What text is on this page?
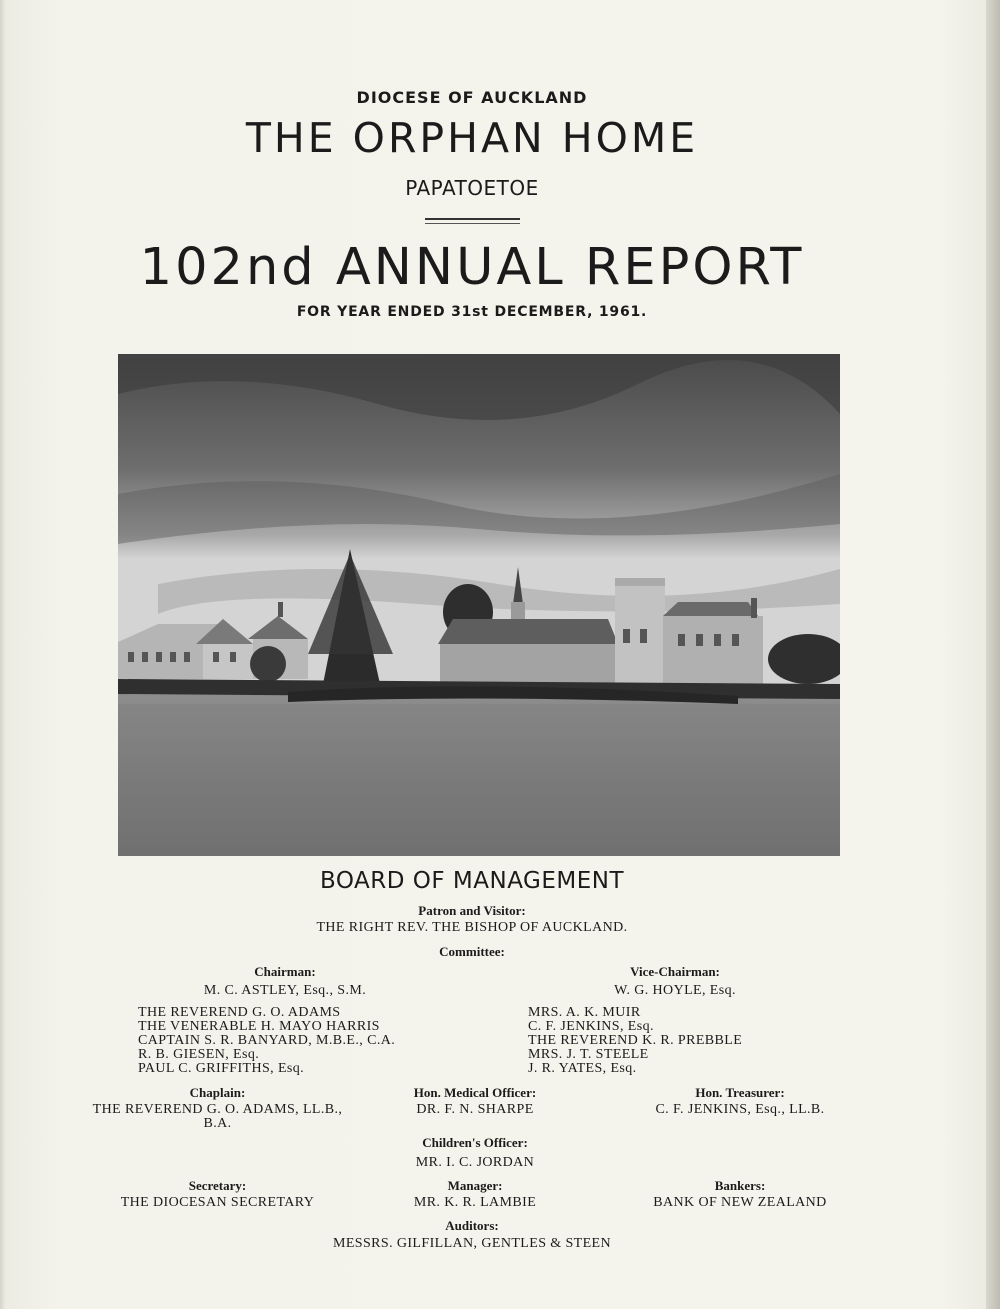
DIOCESE OF AUCKLAND
THE ORPHAN HOME
PAPATOETOE
102nd ANNUAL REPORT
FOR YEAR ENDED 31st DECEMBER, 1961.
BOARD OF MANAGEMENT
Patron and Visitor:
THE RIGHT REV. THE BISHOP OF AUCKLAND.
Committee:
Chairman:
M. C. ASTLEY, Esq., S.M.
Vice-Chairman:
W. G. HOYLE, Esq.
THE REVEREND G. O. ADAMS
THE VENERABLE H. MAYO HARRIS
CAPTAIN S. R. BANYARD, M.B.E., C.A.
R. B. GIESEN, Esq.
PAUL C. GRIFFITHS, Esq.
MRS. A. K. MUIR
C. F. JENKINS, Esq.
THE REVEREND K. R. PREBBLE
MRS. J. T. STEELE
J. R. YATES, Esq.
Chaplain:
THE REVEREND G. O. ADAMS, LL.B.,
B.A.
Hon. Medical Officer:
DR. F. N. SHARPE
Hon. Treasurer:
C. F. JENKINS, Esq., LL.B.
Children's Officer:
MR. I. C. JORDAN
Secretary:
THE DIOCESAN SECRETARY
Manager:
MR. K. R. LAMBIE
Bankers:
BANK OF NEW ZEALAND
Auditors:
MESSRS. GILFILLAN, GENTLES & STEEN
